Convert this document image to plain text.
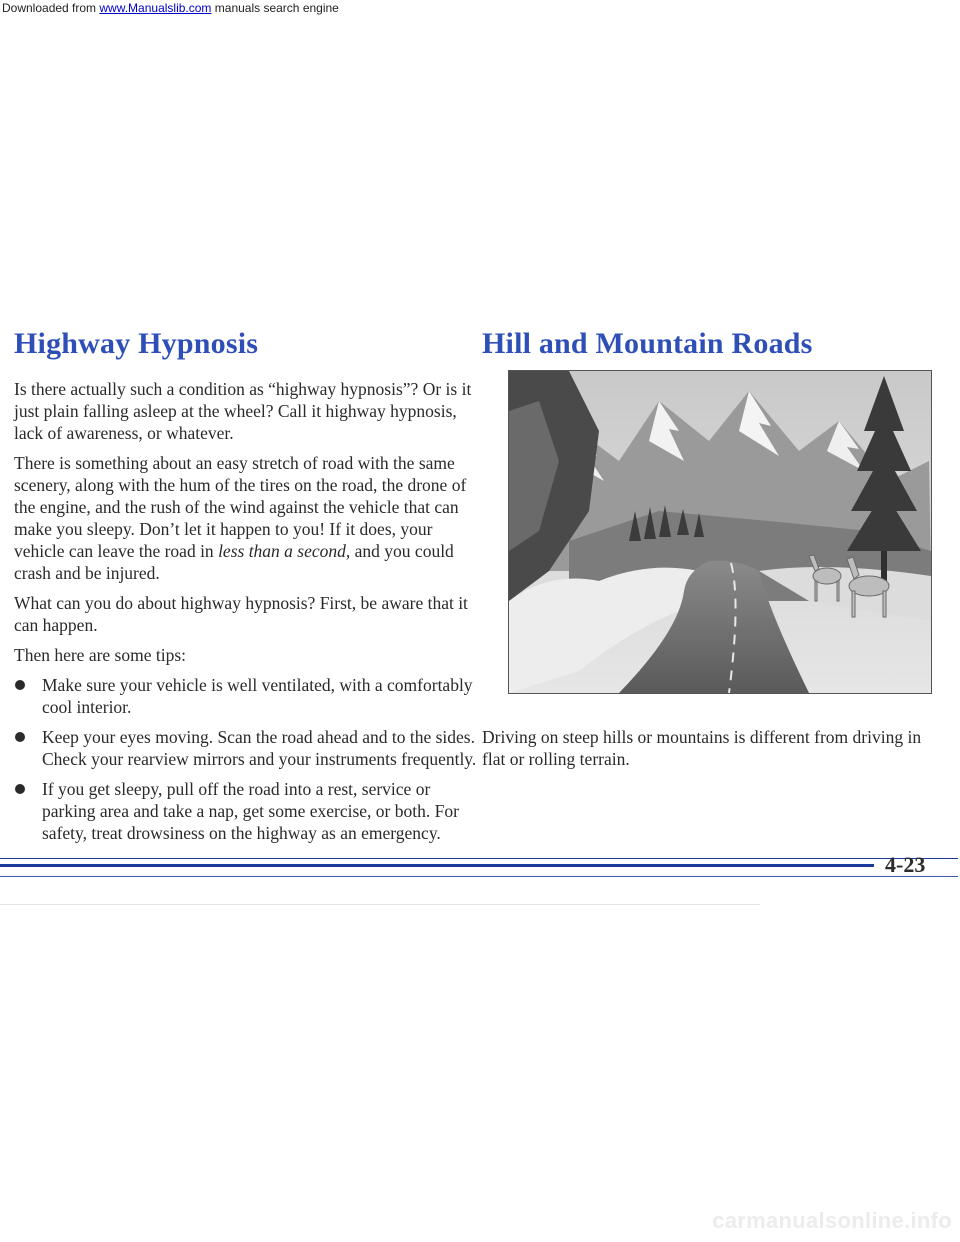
Downloaded from www.Manualslib.com manuals search engine
Highway Hypnosis	Hill and Mountain Roads

Is there actually such a condition as “highway hypnosis”? Or is it just plain falling asleep at the wheel? Call it highway hypnosis, lack of awareness, or whatever.

There is something about an easy stretch of road with the same scenery, along with the hum of the tires on the road, the drone of the engine, and the rush of the wind against the vehicle that can make you sleepy. Don’t let it happen to you! If it does, your vehicle can leave the road in less than a second, and you could crash and be injured.

What can you do about highway hypnosis? First, be aware that it can happen.

Then here are some tips:

Make sure your vehicle is well ventilated, with a comfortably cool interior.
Keep your eyes moving. Scan the road ahead and to the sides. Check your rearview mirrors and your instruments frequently.
If you get sleepy, pull off the road into a rest, service or parking area and take a nap, get some exercise, or both. For safety, treat drowsiness on the highway as an emergency.

Driving on steep hills or mountains is different from driving in flat or rolling terrain.

4-23
carmanualsonline.info
